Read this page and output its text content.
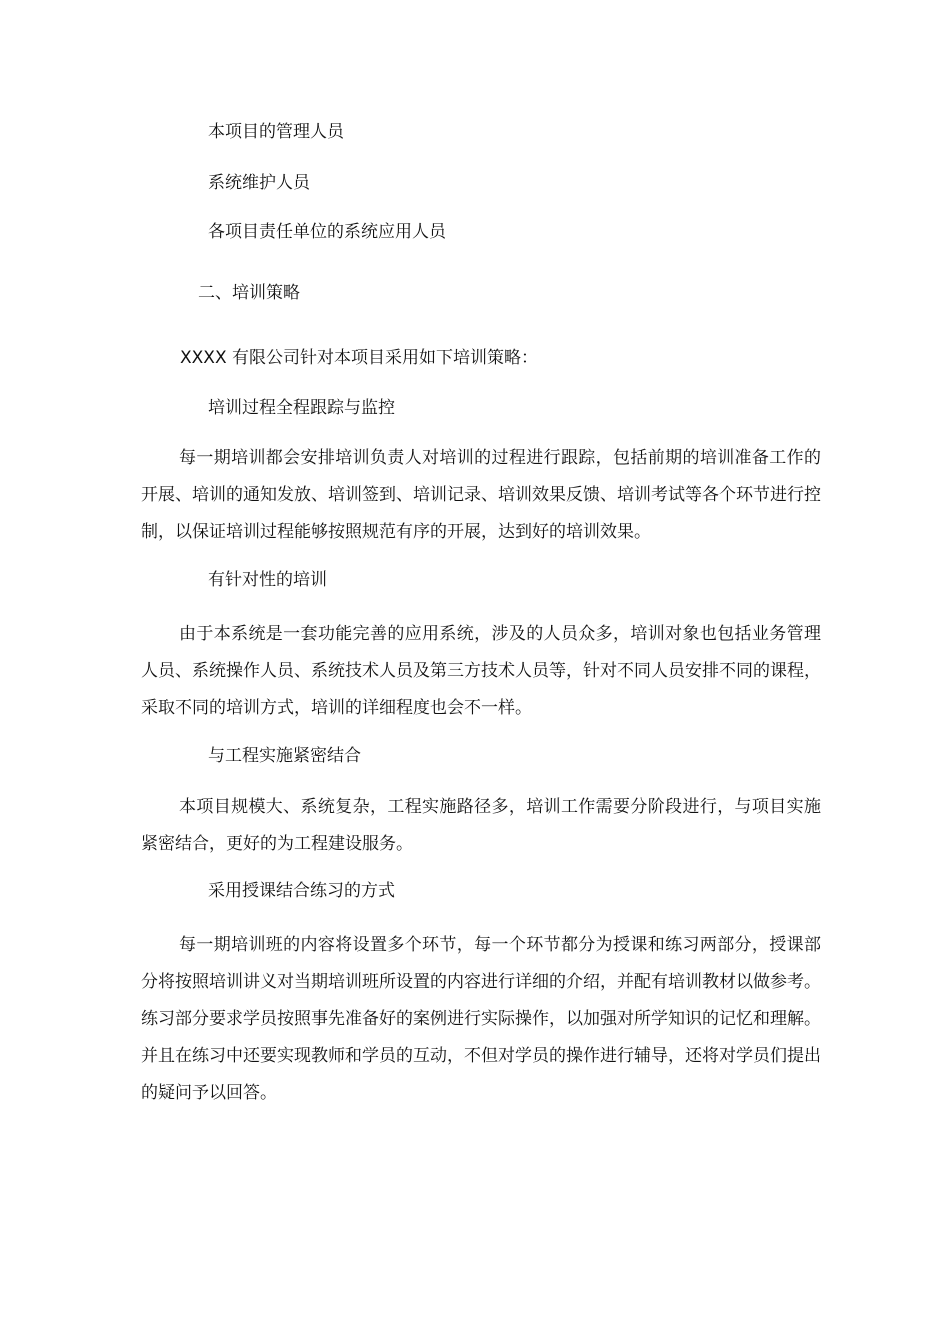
本项目的管理人员
系统维护人员
各项目责任单位的系统应用人员
二、培训策略
XXXX 有限公司针对本项目采用如下培训策略：
培训过程全程跟踪与监控
每一期培训都会安排培训负责人对培训的过程进行跟踪，包括前期的培训准备工作的开展、培训的通知发放、培训签到、培训记录、培训效果反馈、培训考试等各个环节进行控制，以保证培训过程能够按照规范有序的开展，达到好的培训效果。
有针对性的培训
由于本系统是一套功能完善的应用系统，涉及的人员众多，培训对象也包括业务管理人员、系统操作人员、系统技术人员及第三方技术人员等，针对不同人员安排不同的课程，采取不同的培训方式，培训的详细程度也会不一样。
与工程实施紧密结合
本项目规模大、系统复杂，工程实施路径多，培训工作需要分阶段进行，与项目实施紧密结合，更好的为工程建设服务。
采用授课结合练习的方式
每一期培训班的内容将设置多个环节，每一个环节都分为授课和练习两部分，授课部分将按照培训讲义对当期培训班所设置的内容进行详细的介绍，并配有培训教材以做参考。练习部分要求学员按照事先准备好的案例进行实际操作，以加强对所学知识的记忆和理解。并且在练习中还要实现教师和学员的互动，不但对学员的操作进行辅导，还将对学员们提出的疑问予以回答。
